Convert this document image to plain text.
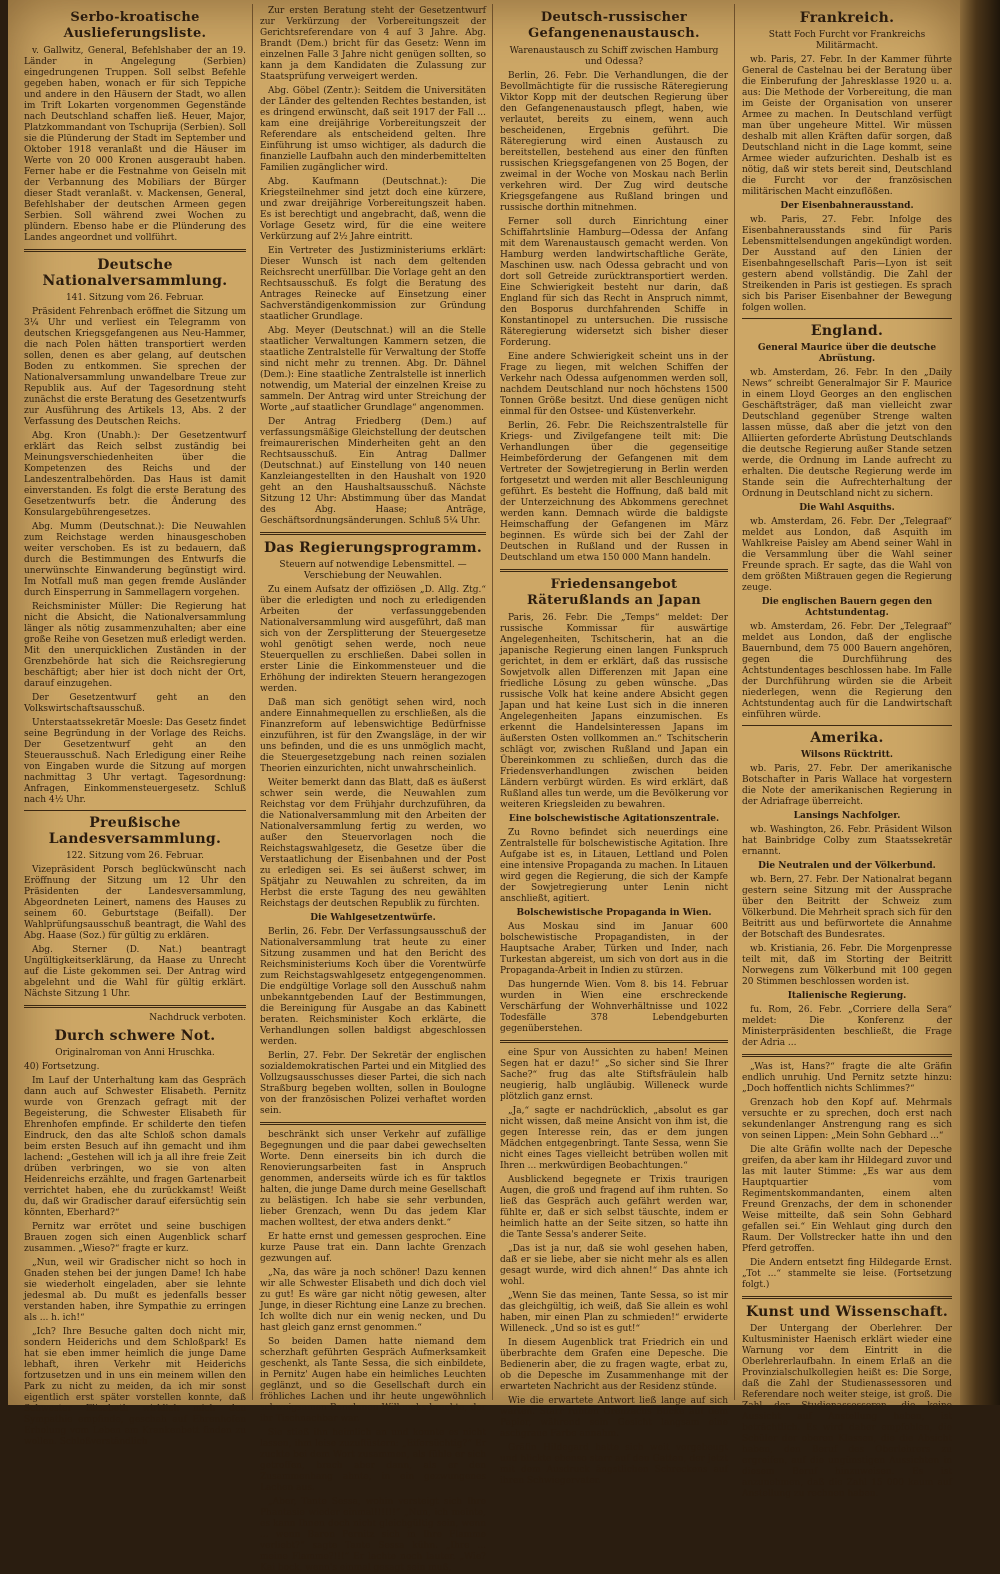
Serbo-kroatische Auslieferungsliste.

v. Gallwitz, General, Befehlshaber der an 19. Länder in Angelegung (Serbien) eingedrungenen Truppen. Soll selbst Befehle gegeben haben, wonach er für sich Teppiche und andere in den Häusern der Stadt, wo allen im Trift Lokarten vorgenommen Gegenstände nach Deutschland schaffen ließ. Heuer, Major, Platzkommandant von Tschuprija (Serbien). Soll sie die Plünderung der Stadt im September und Oktober 1918 veranlaßt und die Häuser im Werte von 20 000 Kronen ausgeraubt haben. Ferner habe er die Festnahme von Geiseln mit der Verbannung des Mobiliars der Bürger dieser Stadt veranlaßt. v. Mackensen, General, Befehlshaber der deutschen Armeen gegen Serbien. Soll während zwei Wochen zu plündern. Ebenso habe er die Plünderung des Landes angeordnet und vollführt.

Deutsche Nationalversammlung.
141. Sitzung vom 26. Februar.

Präsident Fehrenbach eröffnet die Sitzung um 3¼ Uhr und verliest ein Telegramm von deutschen Kriegsgefangenen aus Neu-Hammer, die nach Polen hätten transportiert werden sollen, denen es aber gelang, auf deutschen Boden zu entkommen. Sie sprechen der Nationalversammlung unwandelbare Treue zur Republik aus. Auf der Tagesordnung steht zunächst die erste Beratung des Gesetzentwurfs zur Ausführung des Artikels 13, Abs. 2 der Verfassung des Deutschen Reichs.

Abg. Kron (Unabh.): Der Gesetzentwurf erklärt das Reich selbst zuständig bei Meinungsverschiedenheiten über die Kompetenzen des Reichs und der Landeszentralbehörden. Das Haus ist damit einverstanden. Es folgt die erste Beratung des Gesetzentwurfs betr. die Änderung des Konsulargebührengesetzes.

Abg. Mumm (Deutschnat.): Die Neuwahlen zum Reichstage werden hinausgeschoben weiter verschoben. Es ist zu bedauern, daß durch die Bestimmungen des Entwurfs die unerwünschte Einwanderung begünstigt wird. Im Notfall muß man gegen fremde Ausländer durch Einsperrung in Sammellagern vorgehen.

Reichsminister Müller: Die Regierung hat nicht die Absicht, die Nationalversammlung länger als nötig zusammenzuhalten; aber eine große Reihe von Gesetzen muß erledigt werden. Mit den unerquicklichen Zuständen in der Grenzbehörde hat sich die Reichsregierung beschäftigt; aber hier ist doch nicht der Ort, darauf einzugehen.

Der Gesetzentwurf geht an den Volkswirtschaftsausschuß.

Unterstaatssekretär Moesle: Das Gesetz findet seine Begründung in der Vorlage des Reichs. Der Gesetzentwurf geht an den Steuerausschuß. Nach Erledigung einer Reihe von Eingaben wurde die Sitzung auf morgen nachmittag 3 Uhr vertagt. Tagesordnung: Anfragen, Einkommensteuergesetz. Schluß nach 4½ Uhr.

Preußische Landesversammlung.
122. Sitzung vom 26. Februar.

Vizepräsident Porsch beglückwünscht nach Eröffnung der Sitzung um 12 Uhr den Präsidenten der Landesversammlung, Abgeordneten Leinert, namens des Hauses zu seinem 60. Geburtstage (Beifall). Der Wahlprüfungsausschuß beantragt, die Wahl des Abg. Haase (Soz.) für gültig zu erklären.

Abg. Sterner (D. Nat.) beantragt Ungültigkeitserklärung, da Haase zu Unrecht auf die Liste gekommen sei. Der Antrag wird abgelehnt und die Wahl für gültig erklärt. Nächste Sitzung 1 Uhr.

Nachdruck verboten.
Durch schwere Not.
Originalroman von Anni Hruschka.
40) Fortsetzung.

Im Lauf der Unterhaltung kam das Gespräch dann auch auf Schwester Elisabeth. Pernitz wurde von Grenzach gefragt mit der Begeisterung, die Schwester Elisabeth für Ehrenhofen empfinde. Er schilderte den tiefen Eindruck, den das alte Schloß schon damals beim ersten Besuch auf ihn gemacht und ihm lachend: „Gestehen will ich ja all ihre freie Zeit drüben verbringen, wo sie von alten Heidenreichs erzählte, und fragen Gartenarbeit verrichtet haben, ehe du zurückkamst! Weißt du, daß wir Gradischer darauf eifersüchtig sein könnten, Eberhard?“

Pernitz war errötet und seine buschigen Brauen zogen sich einen Augenblick scharf zusammen. „Wieso?“ fragte er kurz.

„Nun, weil wir Gradischer nicht so hoch in Gnaden stehen bei der jungen Dame! Ich habe sie wiederholt eingeladen, aber sie lehnte jedesmal ab. Du mußt es jedenfalls besser verstanden haben, ihre Sympathie zu erringen als ... h. ich!“

„Ich? Ihre Besuche galten doch nicht mir, sondern Heiderichs und dem Schloßpark! Es hat sie eben immer heimlich die junge Dame lebhaft, ihren Verkehr mit Heiderichs fortzusetzen und in uns ein meinem willen den Park zu nicht zu meiden, da ich mir sonst eigentlich erst später vorstellen konnte, daß Schwester Elisabeth wirklich mich den Sympathie empfinde, geschah auf Ehrenhofen Erholung vom Leben am Krankenbett finden zu wollen. Schloßverständlich

Zur ersten Beratung steht der Gesetzentwurf zur Verkürzung der Vorbereitungszeit der Gerichtsreferendare von 4 auf 3 Jahre. Abg. Brandt (Dem.) bricht für das Gesetz: Wenn im einzelnen Falle 3 Jahre nicht genügen sollten, so kann ja dem Kandidaten die Zulassung zur Staatsprüfung verweigert werden.

Abg. Göbel (Zentr.): Seitdem die Universitäten der Länder des geltenden Rechtes bestanden, ist es dringend erwünscht, daß seit 1917 der Fall ... kam eine dreijährige Vorbereitungszeit der Referendare als entscheidend gelten. Ihre Einführung ist umso wichtiger, als dadurch die finanzielle Laufbahn auch den minderbemittelten Familien zugänglicher wird.

Abg. Kaufmann (Deutschnat.): Die Kriegsteilnehmer sind jetzt doch eine kürzere, und zwar dreijährige Vorbereitungszeit haben. Es ist berechtigt und angebracht, daß, wenn die Vorlage Gesetz wird, für die eine weitere Verkürzung auf 2½ Jahre eintritt.

Ein Vertreter des Justizministeriums erklärt: Dieser Wunsch ist nach dem geltenden Reichsrecht unerfüllbar. Die Vorlage geht an den Rechtsausschuß. Es folgt die Beratung des Antrages Reinecke auf Einsetzung einer Sachverständigenkommission zur Gründung staatlicher Grundlage.

Abg. Meyer (Deutschnat.) will an die Stelle staatlicher Verwaltungen Kammern setzen, die staatliche Zentralstelle für Verwaltung der Stoffe sind nicht mehr zu trennen. Abg. Dr. Dähnel (Dem.): Eine staatliche Zentralstelle ist innerlich notwendig, um Material der einzelnen Kreise zu sammeln. Der Antrag wird unter Streichung der Worte „auf staatlicher Grundlage“ angenommen.

Der Antrag Friedberg (Dem.) auf verfassungsmäßige Gleichstellung der deutschen freimaurerischen Minderheiten geht an den Rechtsausschuß. Ein Antrag Dallmer (Deutschnat.) auf Einstellung von 140 neuen Kanzleiangestellten in den Haushalt von 1920 geht an den Haushaltsausschuß. Nächste Sitzung 12 Uhr: Abstimmung über das Mandat des Abg. Haase; Anträge, Geschäftsordnungsänderungen. Schluß 5¼ Uhr.

Das Regierungsprogramm.
Steuern auf notwendige Lebensmittel. — Verschiebung der Neuwahlen.

Zu einem Aufsatz der offiziösen „D. Allg. Ztg.“ über die erledigten und noch zu erledigenden Arbeiten der verfassunggebenden Nationalversammlung wird ausgeführt, daß man sich von der Zersplitterung der Steuergesetze wohl genötigt sehen werde, noch neue Steuerquellen zu erschließen. Dabei sollen in erster Linie die Einkommensteuer und die Erhöhung der indirekten Steuern herangezogen werden.

Daß man sich genötigt sehen wird, noch andere Einnahmequellen zu erschließen, als die Finanzreform auf lebenswichtige Bedürfnisse einzuführen, ist für den Zwangsläge, in der wir uns befinden, und die es uns unmöglich macht, die Steuergesetzgebung nach reinen sozialen Theorien einzurichten, nicht unwahrscheinlich.

Weiter bemerkt dann das Blatt, daß es äußerst schwer sein werde, die Neuwahlen zum Reichstag vor dem Frühjahr durchzuführen, da die Nationalversammlung mit den Arbeiten der Nationalversammlung fertig zu werden, wo außer den Steuervorlagen noch die Reichstagswahlgesetz, die Gesetze über die Verstaatlichung der Eisenbahnen und der Post zu erledigen sei. Es sei äußerst schwer, im Spätjahr zu Neuwahlen zu schreiten, da im Herbst die erste Tagung des neu gewählten Reichstags der deutschen Republik zu fürchten.

Die Wahlgesetzentwürfe.

Berlin, 26. Febr. Der Verfassungsausschuß der Nationalversammlung trat heute zu einer Sitzung zusammen und hat den Bericht des Reichsministeriums Koch über die Vorentwürfe zum Reichstagswahlgesetz entgegengenommen. Die endgültige Vorlage soll den Ausschuß nahm unbekanntgebenden Lauf der Bestimmungen, die Bereinigung für Ausgabe an das Kabinett beraten. Reichsminister Koch erklärte, die Verhandlungen sollen baldigst abgeschlossen werden.

Berlin, 27. Febr. Der Sekretär der englischen sozialdemokratischen Partei und ein Mitglied des Vollzugsausschusses dieser Partei, die sich nach Straßburg begeben wollten, sollen in Boulogne von der französischen Polizei verhaftet worden sein.

beschränkt sich unser Verkehr auf zufällige Begegnungen und die paar dabei gewechselten Worte. Denn einerseits bin ich durch die Renovierungsarbeiten fast in Anspruch genommen, anderseits würde ich es für taktlos halten, die junge Dame durch meine Gesellschaft zu belästigen. Ich habe sie sehr verbunden, lieber Grenzach, wenn Du das jedem Klar machen wolltest, der etwa anders denkt.“

Er hatte ernst und gemessen gesprochen. Eine kurze Pause trat ein. Dann lachte Grenzach gezwungen auf.

„Na, das wäre ja noch schöner! Dazu kennen wir alle Schwester Elisabeth und dich doch viel zu gut! Es wäre gar nicht nötig gewesen, alter Junge, in dieser Richtung eine Lanze zu brechen. Ich wollte dich nur ein wenig necken, und Du hast gleich ganz ernst genommen.“

So beiden Damen hatte niemand dem scherzhaft geführten Gespräch Aufmerksamkeit geschenkt, als Tante Sessa, die sich einbildete, in Pernitz' Augen habe ein heimliches Leuchten geglänzt, und so die Gesellschaft durch ein fröhliches Lachen und ihr heute ungewöhnlich schweigsamen Benehmen Willeneks brachte, der ihr Tischnachbar war.

Sie stieß ihn heimlich an und konnte es nicht lassen, ihm leise zuzuflüstern: „Eifersüchtig?“ Er zuckte bei dem Wort zusammen, als fühle er sich getroffen, brach aber dann, als er den Zusammenhang ahnte, in ein gezwungenes Lachen aus.

„Aber, Tante Sessa, wohin versteigt sich Ihre Phantasie wieder einmal!!!!!!“ „Nun, ich meinte, es kann Ihnen doch nicht gleichgültig sein, wenn ... wenn Baron Pernitz sich in Ihre Flamme verliebt?“ sagte Tante Sessa kühn. „Ihre ... meine Flamme?!!!“ Er lachte noch lauter. „Wie? Kai bock, wenn's einmal gesagt sein muß,

Deutsch-russischer Gefangenenaustausch.
Warenaustausch zu Schiff zwischen Hamburg und Odessa?

Berlin, 26. Febr. Die Verhandlungen, die der Bevollmächtigte für die russische Räteregierung Viktor Kopp mit der deutschen Regierung über den Gefangenenaustausch pflegt, haben, wie verlautet, bereits zu einem, wenn auch bescheidenen, Ergebnis geführt. Die Räteregierung wird einen Austausch zu bereitstellen, bestehend aus einer den fünften russischen Kriegsgefangenen von 25 Bogen, der zweimal in der Woche von Moskau nach Berlin verkehren wird. Der Zug wird deutsche Kriegsgefangene aus Rußland bringen und russische dorthin mitnehmen.

Ferner soll durch Einrichtung einer Schiffahrtslinie Hamburg—Odessa der Anfang mit dem Warenaustausch gemacht werden. Von Hamburg werden landwirtschaftliche Geräte, Maschinen usw. nach Odessa gebracht und von dort soll Getreide zurücktransportiert werden. Eine Schwierigkeit besteht nur darin, daß England für sich das Recht in Anspruch nimmt, den Bosporus durchfahrenden Schiffe in Konstantinopel zu untersuchen. Die russische Räteregierung widersetzt sich bisher dieser Forderung.

Eine andere Schwierigkeit scheint uns in der Frage zu liegen, mit welchen Schiffen der Verkehr nach Odessa aufgenommen werden soll, nachdem Deutschland nur noch höchstens 1500 Tonnen Größe besitzt. Und diese genügen nicht einmal für den Ostsee- und Küstenverkehr.

Berlin, 26. Febr. Die Reichszentralstelle für Kriegs- und Zivilgefangene teilt mit: Die Verhandlungen über die gegenseitige Heimbeförderung der Gefangenen mit dem Vertreter der Sowjetregierung in Berlin werden fortgesetzt und werden mit aller Beschleunigung geführt. Es besteht die Hoffnung, daß bald mit der Unterzeichnung des Abkommens gerechnet werden kann. Demnach würde die baldigste Heimschaffung der Gefangenen im März beginnen. Es würde sich bei der Zahl der Deutschen in Rußland und der Russen in Deutschland um etwa 150 000 Mann handeln.

Friedensangebot Räterußlands an Japan

Paris, 26. Febr. Die „Temps“ meldet: Der russische Kommissar für auswärtige Angelegenheiten, Tschitscherin, hat an die japanische Regierung einen langen Funkspruch gerichtet, in dem er erklärt, daß das russische Sowjetvolk allen Differenzen mit Japan eine friedliche Lösung zu geben wünsche. „Das russische Volk hat keine andere Absicht gegen Japan und hat keine Lust sich in die inneren Angelegenheiten Japans einzumischen. Es erkennt die Handelsinteressen Japans im äußersten Osten vollkommen an.“ Tschitscherin schlägt vor, zwischen Rußland und Japan ein Übereinkommen zu schließen, durch das die Friedensverhandlungen zwischen beiden Ländern verbürgt würden. Es wird erklärt, daß Rußland alles tun werde, um die Bevölkerung vor weiteren Kriegsleiden zu bewahren.

Eine bolschewistische Agitationszentrale.

Zu Rovno befindet sich neuerdings eine Zentralstelle für bolschewistische Agitation. Ihre Aufgabe ist es, in Litauen, Lettland und Polen eine intensive Propaganda zu machen. In Litauen wird gegen die Regierung, die sich der Kampfe der Sowjetregierung unter Lenin nicht anschließt, agitiert.

Bolschewistische Propaganda in Wien.

Aus Moskau sind im Januar 600 bolschewistische Propagandisten, in der Hauptsache Araber, Türken und Inder, nach Turkestan abgereist, um sich von dort aus in die Propaganda-Arbeit in Indien zu stürzen.

Das hungernde Wien. Vom 8. bis 14. Februar wurden in Wien eine erschreckende Verschärfung der Wohnverhältnisse und 1022 Todesfälle 378 Lebendgeburten gegenüberstehen.

eine Spur von Aussichten zu haben! Meinen Segen hat er dazu!“ „So sicher sind Sie Ihrer Sache?“ frug das alte Stiftsfräulein halb neugierig, halb ungläubig. Willeneck wurde plötzlich ganz ernst.

„Ja,“ sagte er nachdrücklich, „absolut es gar nicht wissen, daß meine Ansicht von ihm ist, die gegen Interesse rein, das er dem jungen Mädchen entgegenbringt. Tante Sessa, wenn Sie nicht eines Tages vielleicht betrüben wollen mit Ihren ... merkwürdigen Beobachtungen.“

Ausblickend begegnete er Trixis traurigen Augen, die groß und fragend auf ihm ruhten. So ließ das Gespräch auch gefährt werden war, fühlte er, daß er sich selbst täuschte, indem er heimlich hatte an der Seite sitzen, so hatte ihn die Tante Sessa's anderer Seite.

„Das ist ja nur, daß sie wohl gesehen haben, daß er sie liebe, aber sie nicht mehr als es allen gesagt wurde, wird dich ahnen!“ Das ahnte ich wohl.

„Wenn Sie das meinen, Tante Sessa, so ist mir das gleichgültig, ich weiß, daß Sie allein es wohl haben, mir einen Plan zu schmieden!“ erwiderte Willeneck. „Und so ist es gut!“

In diesem Augenblick trat Friedrich ein und überbrachte dem Grafen eine Depesche. Die Bedienerin aber, die zu fragen wagte, erbat zu, ob die Depesche im Zusammenhange mit der erwarteten Nachricht aus der Residenz stünde.

Wie die erwartete Antwort ließ lange auf sich warten. Starr ruhten Grenzachs Blicke auf dem Papier, während sein Gesicht langsam eine aschgraue Farbe annahm.

Gräfin Hildegard hatte sich weit vorgebeugt und blickte ebenso starr auf den Gatten, der jetzt mit dem Ausdruck ängstlichen Schreckens auf ihren Schwiegervater.

Frankreich.
Statt Foch Furcht vor Frankreichs Militärmacht.

wb. Paris, 27. Febr. In der Kammer führte General de Castelnau bei der Beratung über die Einberufung der Jahresklasse 1920 u. a. aus: Die Methode der Vorbereitung, die man im Geiste der Organisation von unserer Armee zu machen. In Deutschland verfügt man über ungeheure Mittel. Wir müssen deshalb mit allen Kräften dafür sorgen, daß Deutschland nicht in die Lage kommt, seine Armee wieder aufzurichten. Deshalb ist es nötig, daß wir stets bereit sind, Deutschland die Furcht vor der französischen militärischen Macht einzuflößen.

Der Eisenbahnerausstand.

wb. Paris, 27. Febr. Infolge des Eisenbahnerausstands sind für Paris Lebensmittelsendungen angekündigt worden. Der Ausstand auf den Linien der Eisenbahngesellschaft Paris—Lyon ist seit gestern abend vollständig. Die Zahl der Streikenden in Paris ist gestiegen. Es sprach sich bis Pariser Eisenbahner der Bewegung folgen wollen.

England.
General Maurice über die deutsche Abrüstung.

wb. Amsterdam, 26. Febr. In den „Daily News“ schreibt Generalmajor Sir F. Maurice in einem Lloyd Georges an den englischen Geschäftsträger, daß man vielleicht zwar Deutschland gegenüber Strenge walten lassen müsse, daß aber die jetzt von den Alliierten geforderte Abrüstung Deutschlands die deutsche Regierung außer Stande setzen werde, die Ordnung im Lande aufrecht zu erhalten. Die deutsche Regierung werde im Stande sein die Aufrechterhaltung der Ordnung in Deutschland nicht zu sichern.

Die Wahl Asquiths.

wb. Amsterdam, 26. Febr. Der „Telegraaf“ meldet aus London, daß Asquith im Wahlkreise Paisley am Abend seiner Wahl in die Versammlung über die Wahl seiner Freunde sprach. Er sagte, das die Wahl von dem größten Mißtrauen gegen die Regierung zeuge.

Die englischen Bauern gegen den Achtstundentag.

wb. Amsterdam, 26. Febr. Der „Telegraaf“ meldet aus London, daß der englische Bauernbund, dem 75 000 Bauern angehören, gegen die Durchführung des Achtstundentages beschlossen habe. Im Falle der Durchführung würden sie die Arbeit niederlegen, wenn die Regierung den Achtstundentag auch für die Landwirtschaft einführen würde.

Amerika.
Wilsons Rücktritt.

wb. Paris, 27. Febr. Der amerikanische Botschafter in Paris Wallace hat vorgestern die Note der amerikanischen Regierung in der Adriafrage überreicht.

Lansings Nachfolger.

wb. Washington, 26. Febr. Präsident Wilson hat Bainbridge Colby zum Staatssekretär ernannt.

Die Neutralen und der Völkerbund.

wb. Bern, 27. Febr. Der Nationalrat begann gestern seine Sitzung mit der Aussprache über den Beitritt der Schweiz zum Völkerbund. Die Mehrheit sprach sich für den Beitritt aus und befürwortete die Annahme der Botschaft des Bundesrates.

wb. Kristiania, 26. Febr. Die Morgenpresse teilt mit, daß im Storting der Beitritt Norwegens zum Völkerbund mit 100 gegen 20 Stimmen beschlossen worden ist.

Italienische Regierung.

fu. Rom, 26. Febr. „Corriere della Sera“ meldet: Die Konferenz der Ministerpräsidenten beschließt, die Frage der Adria ...

„Was ist, Hans?“ fragte die alte Gräfin endlich unruhig. Und Pernitz setzte hinzu: „Doch hoffentlich nichts Schlimmes?“

Grenzach hob den Kopf auf. Mehrmals versuchte er zu sprechen, doch erst nach sekundenlanger Anstrengung rang es sich von seinen Lippen: „Mein Sohn Gebhard ...“

Die alte Gräfin wollte nach der Depesche greifen, da aber kam ihr Hildegard zuvor und las mit lauter Stimme: „Es war aus dem Hauptquartier vom Regimentskommandanten, einem alten Freund Grenzachs, der dem in schonender Weise mitteilte, daß sein Sohn Gebhard gefallen sei.“ Ein Wehlaut ging durch den Raum. Der Vollstrecker hatte ihn und den Pferd getroffen.

Die Andern entsetzt fing Hildegarde Ernst. „Tot ...“ stammelte sie leise. (Fortsetzung folgt.)

Kunst und Wissenschaft.

Der Untergang der Oberlehrer. Der Kultusminister Haenisch erklärt wieder eine Warnung vor dem Eintritt in die Oberlehrerlaufbahn. In einem Erlaß an die Provinzialschulkollegien heißt es: Die Sorge, daß die Zahl der Studienassessoren und Referendare noch weiter steige, ist groß. Die Zahl der Studienassessoren, die keine Aussicht auf Anstellung haben, ist beträchtlich. Es wird daher empfohlen, die Schüler der oberen Klassen, die die Absicht haben, den Beruf des Oberlehrers zu ergreifen, auf die ungünstigen Aussichten in diesem Beruf hinzuweisen. Es ist anzunehmen, daß die Zahl 15 000 kaum auf Anstellung zu rechnen haben.
